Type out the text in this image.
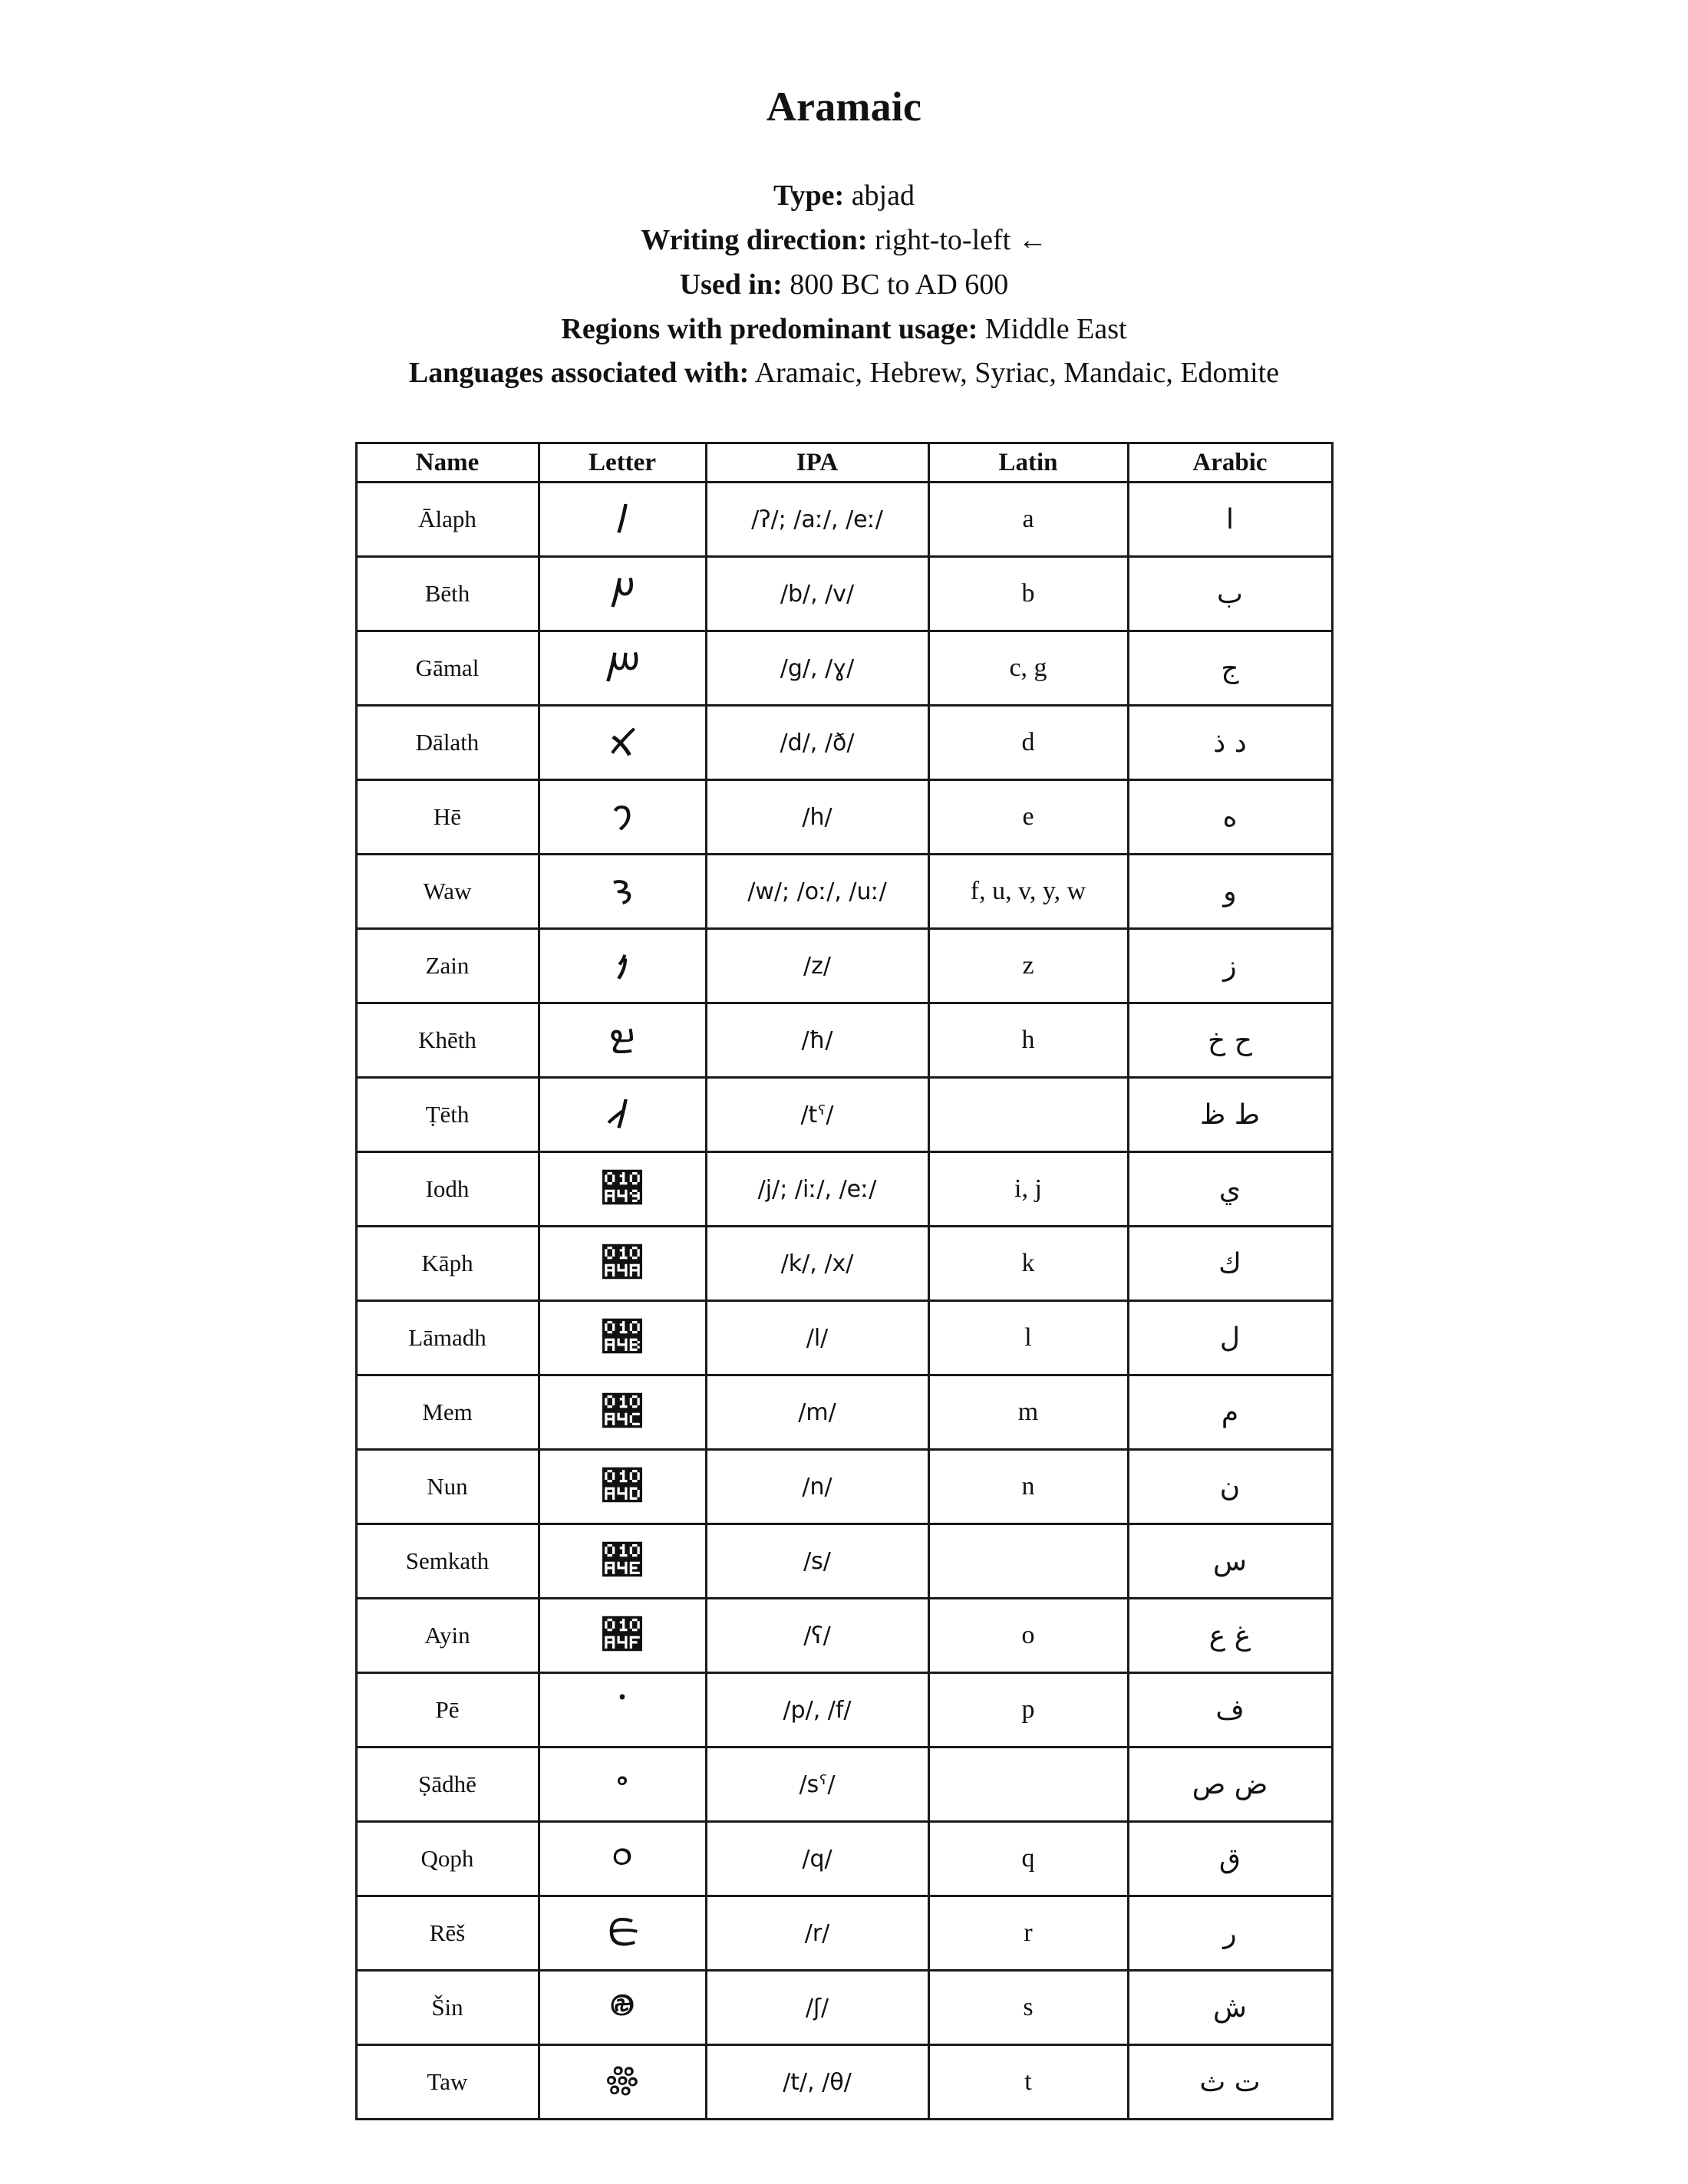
Aramaic
Type: abjad
Writing direction: right-to-left ←
Used in: 800 BC to AD 600
Regions with predominant usage: Middle East
Languages associated with: Aramaic, Hebrew, Syriac, Mandaic, Edomite
Name	Letter	IPA	Latin	Arabic
Ālaph	𐩀	/ʔ/; /aː/, /eː/	a	ا
Bēth	𐩁	/b/, /v/	b	ب
Gāmal	𐩂	/g/, /ɣ/	c, g	ج
Dālath	𐩃	/d/, /ð/	d	د ذ
Hē	𐩄	/h/	e	ه
Waw	𐩅	/w/; /oː/, /uː/	f, u, v, y, w	و
Zain	𐩆	/z/	z	ز
Khēth	𐩇	/ħ/	h	ح خ
Ṭēth	𐩈	/tˤ/		ط ظ
Iodh	𐩉	/j/; /iː/, /eː/	i, j	ي
Kāph	𐩊	/k/, /x/	k	ك
Lāmadh	𐩋	/l/	l	ل
Mem	𐩌	/m/	m	م
Nun	𐩍	/n/	n	ن
Semkath	𐩎	/s/		س
Ayin	𐩏	/ʕ/	o	غ ع
Pē	𐩐	/p/, /f/	p	ف
Ṣādhē	𐩑	/sˤ/		ض ص
Qoph	𐩒	/q/	q	ق
Rēš	𐩓	/r/	r	ر
Šin	𐩔	/ʃ/	s	ش
Taw	𐩕	/t/, /θ/	t	ت ث
